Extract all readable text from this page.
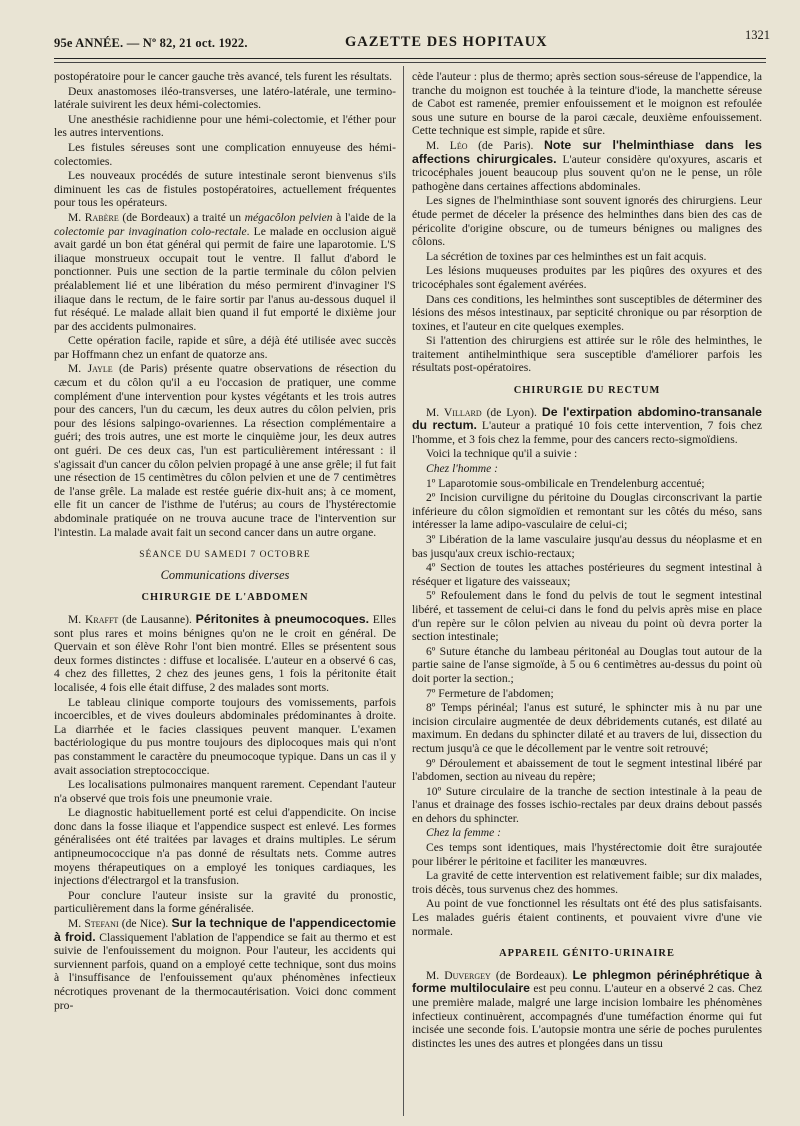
95e ANNÉE. — Nº 82, 21 oct. 1922.	GAZETTE DES HOPITAUX	1321

postopératoire pour le cancer gauche très avancé, tels furent les résultats.

Deux anastomoses iléo-transverses, une latéro-latérale, une termino-latérale suivirent les deux hémi-colectomies.

Une anesthésie rachidienne pour une hémi-colectomie, et l'éther pour les autres interventions.

Les fistules séreuses sont une complication ennuyeuse des hémi-colectomies.

Les nouveaux procédés de suture intestinale seront bienvenus s'ils diminuent les cas de fistules postopératoires, actuellement fréquentes pour tous les opérateurs.

M. Rabère (de Bordeaux) a traité un mégacôlon pelvien à l'aide de la colectomie par invagination colo-rectale. Le malade en occlusion aiguë avait gardé un bon état général qui permit de faire une laparotomie. L'S iliaque monstrueux occupait tout le ventre. Il fallut d'abord le ponctionner. Puis une section de la partie terminale du côlon pelvien préalablement lié et une libération du méso permirent d'invaginer l'S iliaque dans le rectum, de le faire sortir par l'anus au-dessous duquel il fut réséqué. Le malade allait bien quand il fut emporté le dixième jour par des accidents pulmonaires.

Cette opération facile, rapide et sûre, a déjà été utilisée avec succès par Hoffmann chez un enfant de quatorze ans.

M. Jayle (de Paris) présente quatre observations de résection du cæcum et du côlon qu'il a eu l'occasion de pratiquer, une comme complément d'une intervention pour kystes végétants et les trois autres pour des cancers, l'un du cæcum, les deux autres du côlon pelvien, pris pour des lésions salpingo-ovariennes. La résection complémentaire a guéri; des trois autres, une est morte le cinquième jour, les deux autres ont guéri. De ces deux cas, l'un est particulièrement intéressant : il s'agissait d'un cancer du côlon pelvien propagé à une anse grêle; il fut fait une résection de 15 centimètres du côlon pelvien et une de 7 centimètres de l'anse grêle. La malade est restée guérie dix-huit ans; à ce moment, elle fit un cancer de l'isthme de l'utérus; au cours de l'hystérectomie abdominale pratiquée on ne trouva aucune trace de l'intervention sur l'intestin. La malade avait fait un second cancer dans un autre organe.

SÉANCE DU SAMEDI 7 OCTOBRE

Communications diverses

CHIRURGIE DE L'ABDOMEN

M. Krafft (de Lausanne). Péritonites à pneumocoques. Elles sont plus rares et moins bénignes qu'on ne le croit en général. De Quervain et son élève Rohr l'ont bien montré. Elles se présentent sous deux formes distinctes : diffuse et localisée. L'auteur en a observé 6 cas, 4 chez des fillettes, 2 chez des jeunes gens, 1 fois la péritonite était localisée, 4 fois elle était diffuse, 2 des malades sont morts.

Le tableau clinique comporte toujours des vomissements, parfois incoercibles, et de vives douleurs abdominales prédominantes à droite. La diarrhée et le facies classiques peuvent manquer. L'examen bactériologique du pus montre toujours des diplocoques mais qui n'ont pas constamment le caractère du pneumocoque typique. Dans un cas il y avait association streptococcique.

Les localisations pulmonaires manquent rarement. Cependant l'auteur n'a observé que trois fois une pneumonie vraie.

Le diagnostic habituellement porté est celui d'appendicite. On incise donc dans la fosse iliaque et l'appendice suspect est enlevé. Les formes généralisées ont été traitées par lavages et drains multiples. Le sérum antipneumococcique n'a pas donné de résultats nets. Comme autres moyens thérapeutiques on a employé les toniques cardiaques, les injections d'électrargol et la transfusion.

Pour conclure l'auteur insiste sur la gravité du pronostic, particulièrement dans la forme généralisée.

M. Stefani (de Nice). Sur la technique de l'appendicectomie à froid. Classiquement l'ablation de l'appendice se fait au thermo et est suivie de l'enfouissement du moignon. Pour l'auteur, les accidents qui surviennent parfois, quand on a employé cette technique, sont dus moins à l'insuffisance de l'enfouissement qu'aux phénomènes infectieux nécrotiques provenant de la thermocautérisation. Voici donc comment pro-

cède l'auteur : plus de thermo; après section sous-séreuse de l'appendice, la tranche du moignon est touchée à la teinture d'iode, la manchette séreuse de Cabot est ramenée, premier enfouissement et le moignon est refoulée sous une suture en bourse de la paroi cæcale, deuxième enfouissement. Cette technique est simple, rapide et sûre.

M. Léo (de Paris). Note sur l'helminthiase dans les affections chirurgicales. L'auteur considère qu'oxyures, ascaris et tricocéphales jouent beaucoup plus souvent qu'on ne le pense, un rôle pathogène dans certaines affections abdominales.

Les signes de l'helminthiase sont souvent ignorés des chirurgiens. Leur étude permet de déceler la présence des helminthes dans bien des cas de péricolite d'origine obscure, ou de tumeurs bénignes ou malignes des côlons.

La sécrétion de toxines par ces helminthes est un fait acquis.

Les lésions muqueuses produites par les piqûres des oxyures et des tricocéphales sont également avérées.

Dans ces conditions, les helminthes sont susceptibles de déterminer des lésions des mésos intestinaux, par septicité chronique ou par résorption de toxines, et l'auteur en cite quelques exemples.

Si l'attention des chirurgiens est attirée sur le rôle des helminthes, le traitement antihelminthique sera susceptible d'améliorer parfois les résultats post-opératoires.

CHIRURGIE DU RECTUM

M. Villard (de Lyon). De l'extirpation abdomino-transanale du rectum. L'auteur a pratiqué 10 fois cette intervention, 7 fois chez l'homme, et 3 fois chez la femme, pour des cancers recto-sigmoïdiens.

Voici la technique qu'il a suivie :

Chez l'homme :

1º Laparotomie sous-ombilicale en Trendelenburg accentué;

2º Incision curviligne du péritoine du Douglas circonscrivant la partie inférieure du côlon sigmoïdien et remontant sur les côtés du méso, sans intéresser la lame adipo-vasculaire de celui-ci;

3º Libération de la lame vasculaire jusqu'au dessus du néoplasme et en bas jusqu'aux creux ischio-rectaux;

4º Section de toutes les attaches postérieures du segment intestinal à réséquer et ligature des vaisseaux;

5º Refoulement dans le fond du pelvis de tout le segment intestinal libéré, et tassement de celui-ci dans le fond du pelvis après mise en place d'un repère sur le côlon pelvien au niveau du point où devra porter la section intestinale;

6º Suture étanche du lambeau péritonéal au Douglas tout autour de la partie saine de l'anse sigmoïde, à 5 ou 6 centimètres au-dessus du point où doit porter la section.;

7º Fermeture de l'abdomen;

8º Temps périnéal; l'anus est suturé, le sphincter mis à nu par une incision circulaire augmentée de deux débridements cutanés, est dilaté au maximum. En dedans du sphincter dilaté et au travers de lui, dissection du rectum jusqu'à ce que le décollement par le ventre soit retrouvé;

9º Déroulement et abaissement de tout le segment intestinal libéré par l'abdomen, section au niveau du repère;

10º Suture circulaire de la tranche de section intestinale à la peau de l'anus et drainage des fosses ischio-rectales par deux drains debout passés en dehors du sphincter.

Chez la femme :

Ces temps sont identiques, mais l'hystérectomie doit être surajoutée pour libérer le péritoine et faciliter les manœuvres.

La gravité de cette intervention est relativement faible; sur dix malades, trois décès, tous survenus chez des hommes.

Au point de vue fonctionnel les résultats ont été des plus satisfaisants. Les malades guéris étaient continents, et pouvaient vivre d'une vie normale.

APPAREIL GÉNITO-URINAIRE

M. Duvergey (de Bordeaux). Le phlegmon périnéphrétique à forme multiloculaire est peu connu. L'auteur en a observé 2 cas. Chez une première malade, malgré une large incision lombaire les phénomènes infectieux continuèrent, accompagnés d'une tuméfaction énorme qui fut incisée une seconde fois. L'autopsie montra une série de poches purulentes distinctes les unes des autres et plongées dans un tissu
